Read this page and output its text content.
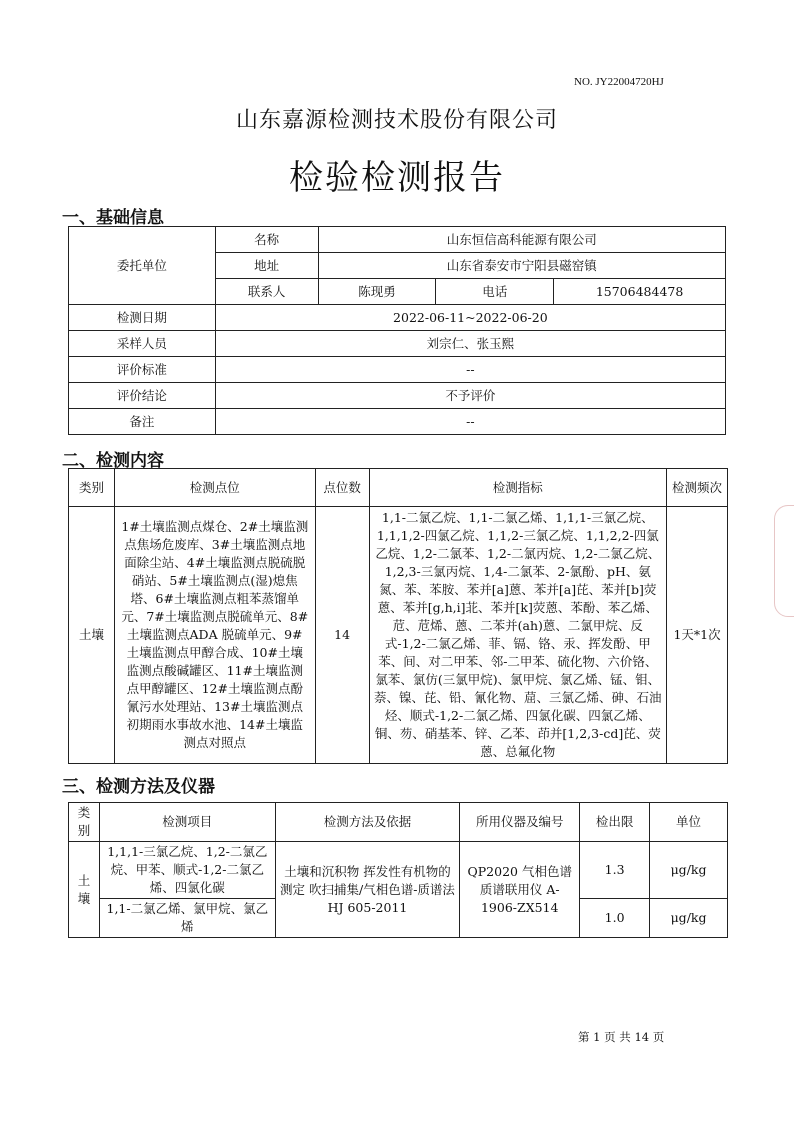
NO. JY22004720HJ
山东嘉源检测技术股份有限公司
检验检测报告
一、基础信息
委托单位	名称	山东恒信高科能源有限公司		
	地址	山东省泰安市宁阳县磁窑镇		
	联系人	陈现勇	电话	15706484478
检测日期	2022-06-11~2022-06-20			
采样人员	刘宗仁、张玉熙			
评价标准	--			
评价结论	不予评价			
备注	--			
二、检测内容
类别	检测点位	点位数	检测指标	检测频次
土壤	1#土壤监测点煤仓、2#土壤监测点焦场危废库、3#土壤监测点地面除尘站、4#土壤监测点脱硫脱硝站、5#土壤监测点(湿)熄焦塔、6#土壤监测点粗苯蒸馏单元、7#土壤监测点脱硫单元、8#土壤监测点ADA 脱硫单元、9#土壤监测点甲醇合成、10#土壤监测点酸碱罐区、11#土壤监测点甲醇罐区、12#土壤监测点酚氰污水处理站、13#土壤监测点初期雨水事故水池、14#土壤监测点对照点	14	1,1-二氯乙烷、1,1-二氯乙烯、1,1,1-三氯乙烷、1,1,1,2-四氯乙烷、1,1,2-三氯乙烷、1,1,2,2-四氯乙烷、1,2-二氯苯、1,2-二氯丙烷、1,2-二氯乙烷、1,2,3-三氯丙烷、1,4-二氯苯、2-氯酚、pH、氨氮、苯、苯胺、苯并[a]蒽、苯并[a]芘、苯并[b]荧蒽、苯并[g,h,i]苝、苯并[k]荧蒽、苯酚、苯乙烯、苊、苊烯、蒽、二苯并(ah)蒽、二氯甲烷、反式-1,2-二氯乙烯、菲、镉、铬、汞、挥发酚、甲苯、间、对二甲苯、邻-二甲苯、硫化物、六价铬、氯苯、氯仿(三氯甲烷)、氯甲烷、氯乙烯、锰、钼、萘、镍、芘、铅、氰化物、䓛、三氯乙烯、砷、石油烃、顺式-1,2-二氯乙烯、四氯化碳、四氯乙烯、铜、芴、硝基苯、锌、乙苯、茚并[1,2,3-cd]芘、荧蒽、总氟化物	1天*1次
三、检测方法及仪器
类别	检测项目	检测方法及依据	所用仪器及编号	检出限	单位
土壤	1,1,1-三氯乙烷、1,2-二氯乙烷、甲苯、顺式-1,2-二氯乙烯、四氯化碳	土壤和沉积物 挥发性有机物的测定 吹扫捕集/气相色谱-质谱法 HJ 605-2011	QP2020 气相色谱质谱联用仪 A-1906-ZX514	1.3	μg/kg
	1,1-二氯乙烯、氯甲烷、氯乙烯			1.0	μg/kg
第 1 页 共 14 页
